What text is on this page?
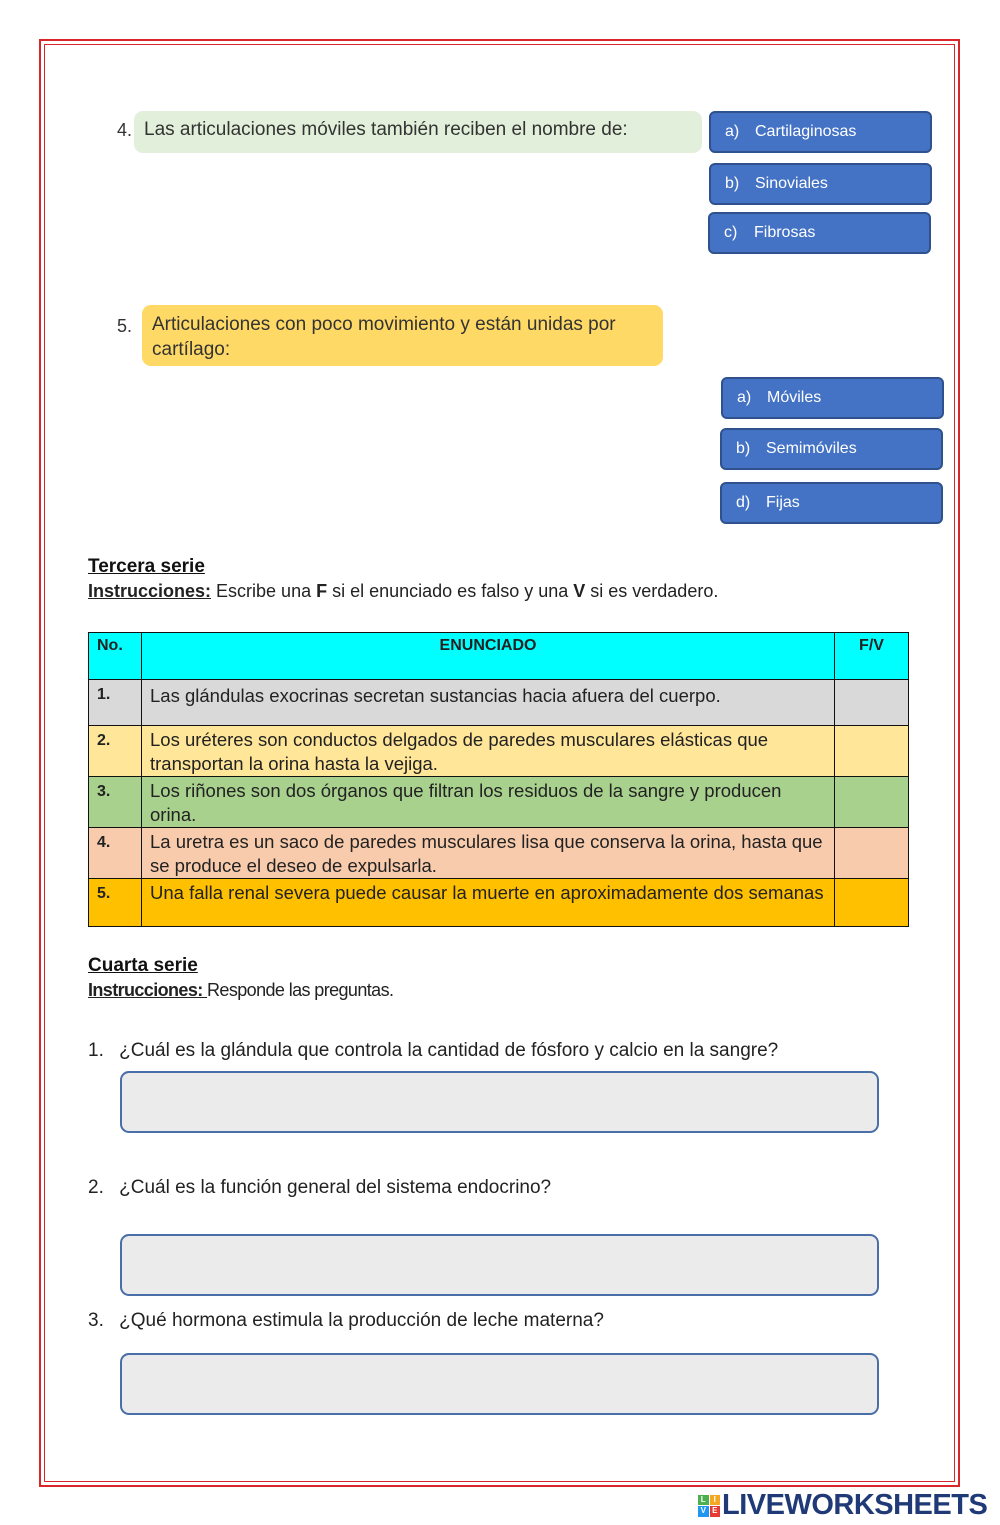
4. Las articulaciones móviles también reciben el nombre de:	a) Cartilaginosas
b) Sinoviales
c)	Fibrosas
5.	Articulaciones con poco movimiento y están unidas por cartílago:
a) Móviles
b) Semimóviles
d) Fijas
Tercera serie
Instrucciones: Escribe una F si el enunciado es falso y una V si es verdadero.
No.	ENUNCIADO	F/V
1.	Las glándulas exocrinas secretan sustancias hacia afuera del cuerpo.	
2.	Los uréteres son conductos delgados de paredes musculares elásticas que transportan la orina hasta la vejiga.	
3.	Los riñones son dos órganos que filtran los residuos de la sangre y producen orina.	
4.	La uretra es un saco de paredes musculares lisa que conserva la orina, hasta que se produce el deseo de expulsarla.	
5.	Una falla renal severa puede causar la muerte en aproximadamente dos semanas	
Cuarta serie
Instrucciones: Responde las preguntas.
1. ¿Cuál es la glándula que controla la cantidad de fósforo y calcio en la sangre?
2. ¿Cuál es la función general del sistema endocrino?
3. ¿Qué hormona estimula la producción de leche materna?
L I
V E LIVEWORKSHEETS
